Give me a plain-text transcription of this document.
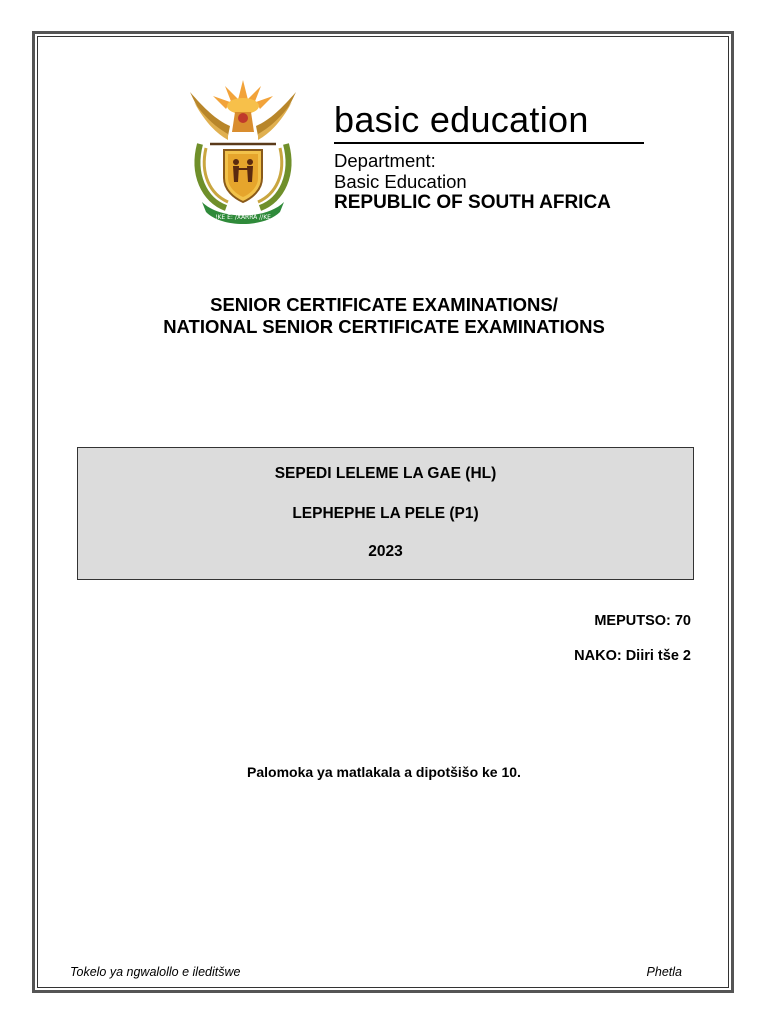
!KE E: /XARRA //KE
basic education
Department:
Basic Education
REPUBLIC OF SOUTH AFRICA
SENIOR CERTIFICATE EXAMINATIONS/
NATIONAL SENIOR CERTIFICATE EXAMINATIONS
SEPEDI LELEME LA GAE (HL)
LEPHEPHE LA PELE (P1)
2023
MEPUTSO: 70
NAKO: Diiri tše 2
Palomoka ya matlakala a dipotšišo ke 10.
Tokelo ya ngwalollo e ileditšwe	Phetla
